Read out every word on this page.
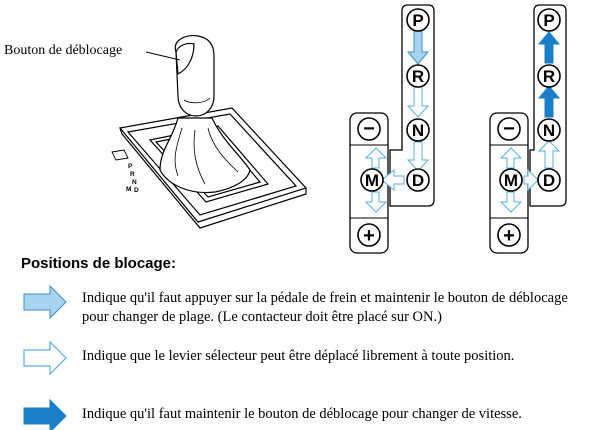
P
R
N
D
M
P
R
N
D
M
−
+
P
R
N
D
M
−
+
Bouton de déblocage
Positions de blocage:
Indique qu'il faut appuyer sur la pédale de frein et maintenir le bouton de déblocage pour changer de plage. (Le contacteur doit être placé sur ON.)
Indique que le levier sélecteur peut être déplacé librement à toute position.
Indique qu'il faut maintenir le bouton de déblocage pour changer de vitesse.
